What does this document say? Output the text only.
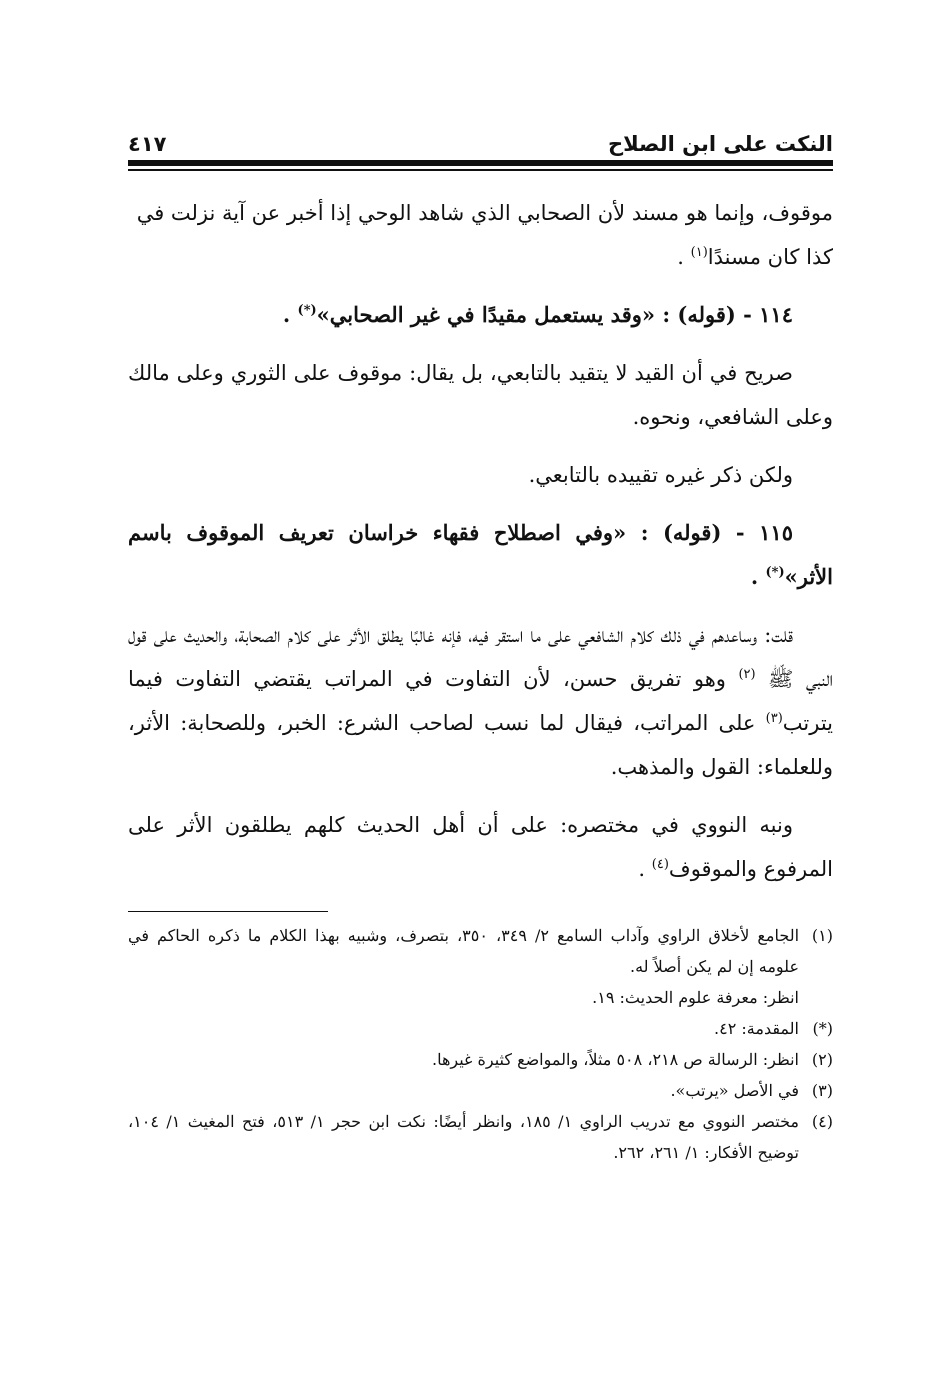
النكت على ابن الصلاح
٤١٧

موقوف، وإنما هو مسند لأن الصحابي الذي شاهد الوحي إذا أخبر عن آية نزلت في
كذا كان مسندًا$^{(١)}$ .

١١٤ - (قوله) : «وقد يستعمل مقيدًا في غير الصحابي»(*) .

صريح في أن القيد لا يتقيد بالتابعي، بل يقال: موقوف على الثوري وعلى مالك وعلى الشافعي، ونحوه.

ولكن ذكر غيره تقييده بالتابعي.

١١٥ - (قوله) : «وفي اصطلاح فقهاء خراسان تعريف الموقوف باسم الأثر»(*) .

قلت: وساعدهم في ذلك كلام الشافعي على ما استقر فيه، فإنه غالبًا يطلق الأثر على كلام الصحابة، والحديث على قول النبي ﷺ $^{(٢)}$ وهو تفريق حسن، لأن التفاوت في المراتب يقتضي التفاوت فيما يترتب$^{(٣)}$ على المراتب، فيقال لما نسب لصاحب الشرع: الخبر، وللصحابة: الأثر، وللعلماء: القول والمذهب.

ونبه النووي في مختصره: على أن أهل الحديث كلهم يطلقون الأثر على المرفوع والموقوف$^{(٤)}$ .

(١)
الجامع لأخلاق الراوي وآداب السامع ٢/ ٣٤٩، ٣٥٠، بتصرف، وشبيه بهذا الكلام ما ذكره الحاكم في علومه إن لم يكن أصلاً له.
انظر: معرفة علوم الحديث: ١٩.
(*)
المقدمة: ٤٢.
(٢)
انظر: الرسالة ص ٢١٨، ٥٠٨ مثلاً، والمواضع كثيرة غيرها.
(٣)
في الأصل «يرتب».
(٤)
مختصر النووي مع تدريب الراوي ١/ ١٨٥، وانظر أيضًا: نكت ابن حجر ١/ ٥١٣، فتح المغيث ١/ ١٠٤، توضيح الأفكار: ١/ ٢٦١، ٢٦٢.
